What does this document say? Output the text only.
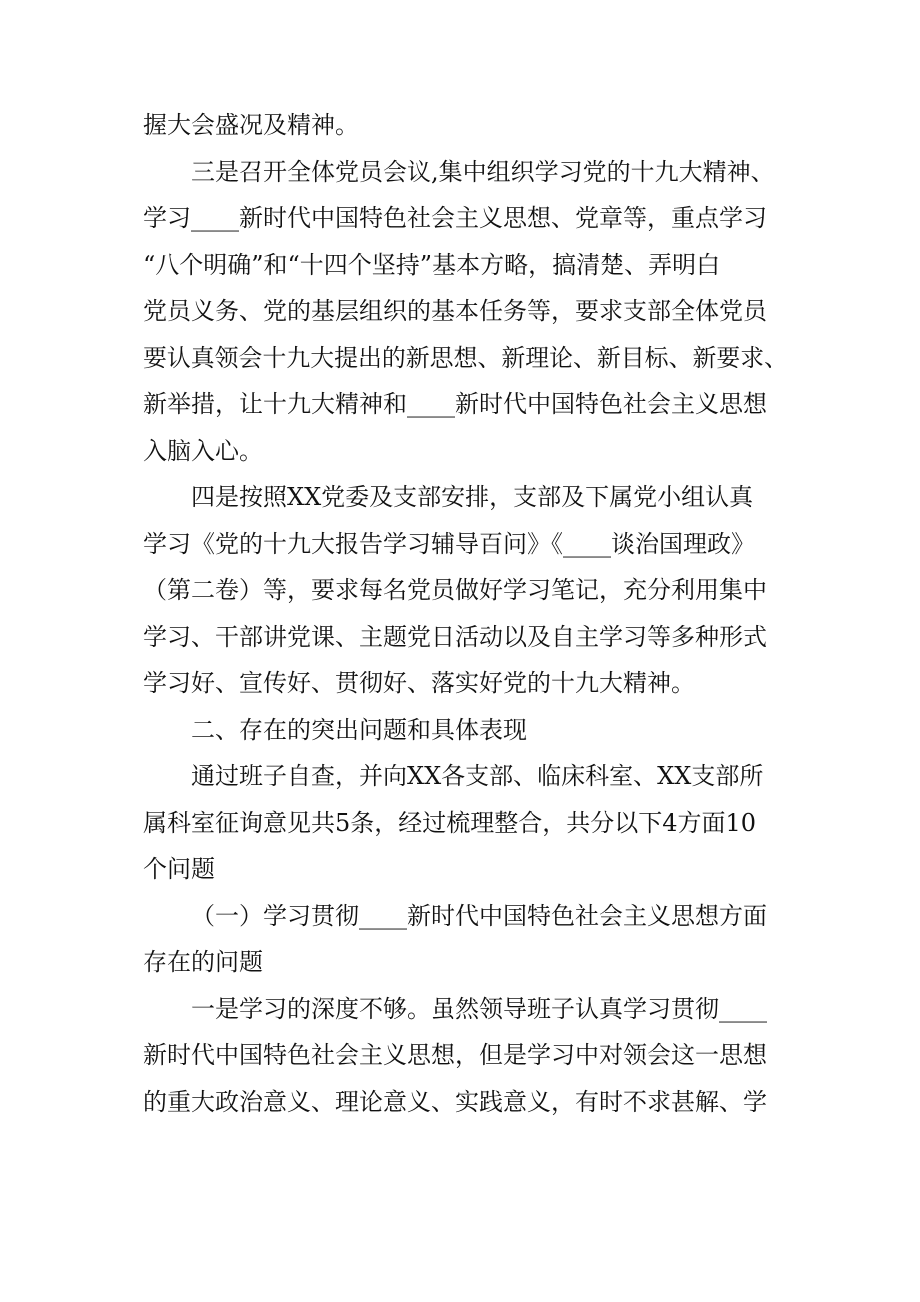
握大会盛况及精神。
三是召开全体党员会议,集中组织学习党的十九大精神、
学习____新时代中国特色社会主义思想、党章等，重点学习
“八个明确”和“十四个坚持”基本方略，搞清楚、弄明白
党员义务、党的基层组织的基本任务等，要求支部全体党员
要认真领会十九大提出的新思想、新理论、新目标、新要求、
新举措，让十九大精神和____新时代中国特色社会主义思想
入脑入心。
四是按照XX党委及支部安排，支部及下属党小组认真
学习《党的十九大报告学习辅导百问》《____谈治国理政》
（第二卷）等，要求每名党员做好学习笔记，充分利用集中
学习、干部讲党课、主题党日活动以及自主学习等多种形式
学习好、宣传好、贯彻好、落实好党的十九大精神。
二、存在的突出问题和具体表现
通过班子自查，并向XX各支部、临床科室、XX支部所
属科室征询意见共5条，经过梳理整合，共分以下4方面10
个问题
（一）学习贯彻____新时代中国特色社会主义思想方面
存在的问题
一是学习的深度不够。虽然领导班子认真学习贯彻____
新时代中国特色社会主义思想，但是学习中对领会这一思想
的重大政治意义、理论意义、实践意义，有时不求甚解、学
